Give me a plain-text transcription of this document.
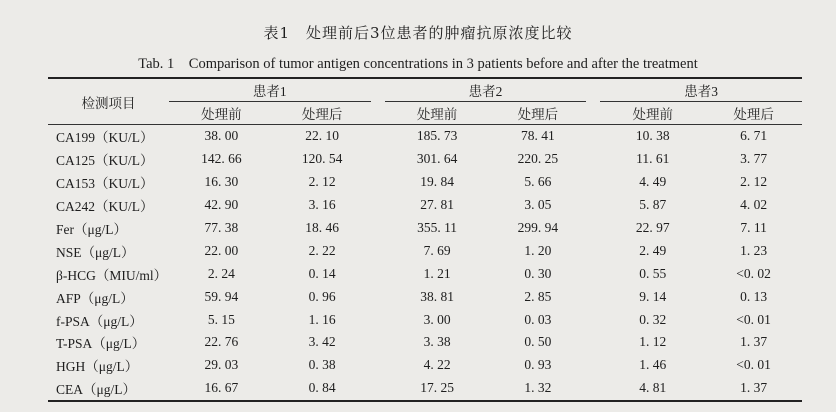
表1　处理前后3位患者的肿瘤抗原浓度比较
Tab. 1　Comparison of tumor antigen concentrations in 3 patients before and after the treatment
检测项目	患者1			患者2			患者3	
	处理前	处理后		处理前	处理后		处理前	处理后
CA199（KU/L）	38. 00	22. 10		185. 73	78. 41		10. 38	6. 71
CA125（KU/L）	142. 66	120. 54		301. 64	220. 25		11. 61	3. 77
CA153（KU/L）	16. 30	2. 12		19. 84	5. 66		4. 49	2. 12
CA242（KU/L）	42. 90	3. 16		27. 81	3. 05		5. 87	4. 02
Fer（μg/L）	77. 38	18. 46		355. 11	299. 94		22. 97	7. 11
NSE（μg/L）	22. 00	2. 22		7. 69	1. 20		2. 49	1. 23
β-HCG（MIU/ml）	2. 24	0. 14		1. 21	0. 30		0. 55	<0. 02
AFP（μg/L）	59. 94	0. 96		38. 81	2. 85		9. 14	0. 13
f-PSA（μg/L）	5. 15	1. 16		3. 00	0. 03		0. 32	<0. 01
T-PSA（μg/L）	22. 76	3. 42		3. 38	0. 50		1. 12	1. 37
HGH（μg/L）	29. 03	0. 38		4. 22	0. 93		1. 46	<0. 01
CEA（μg/L）	16. 67	0. 84		17. 25	1. 32		4. 81	1. 37
